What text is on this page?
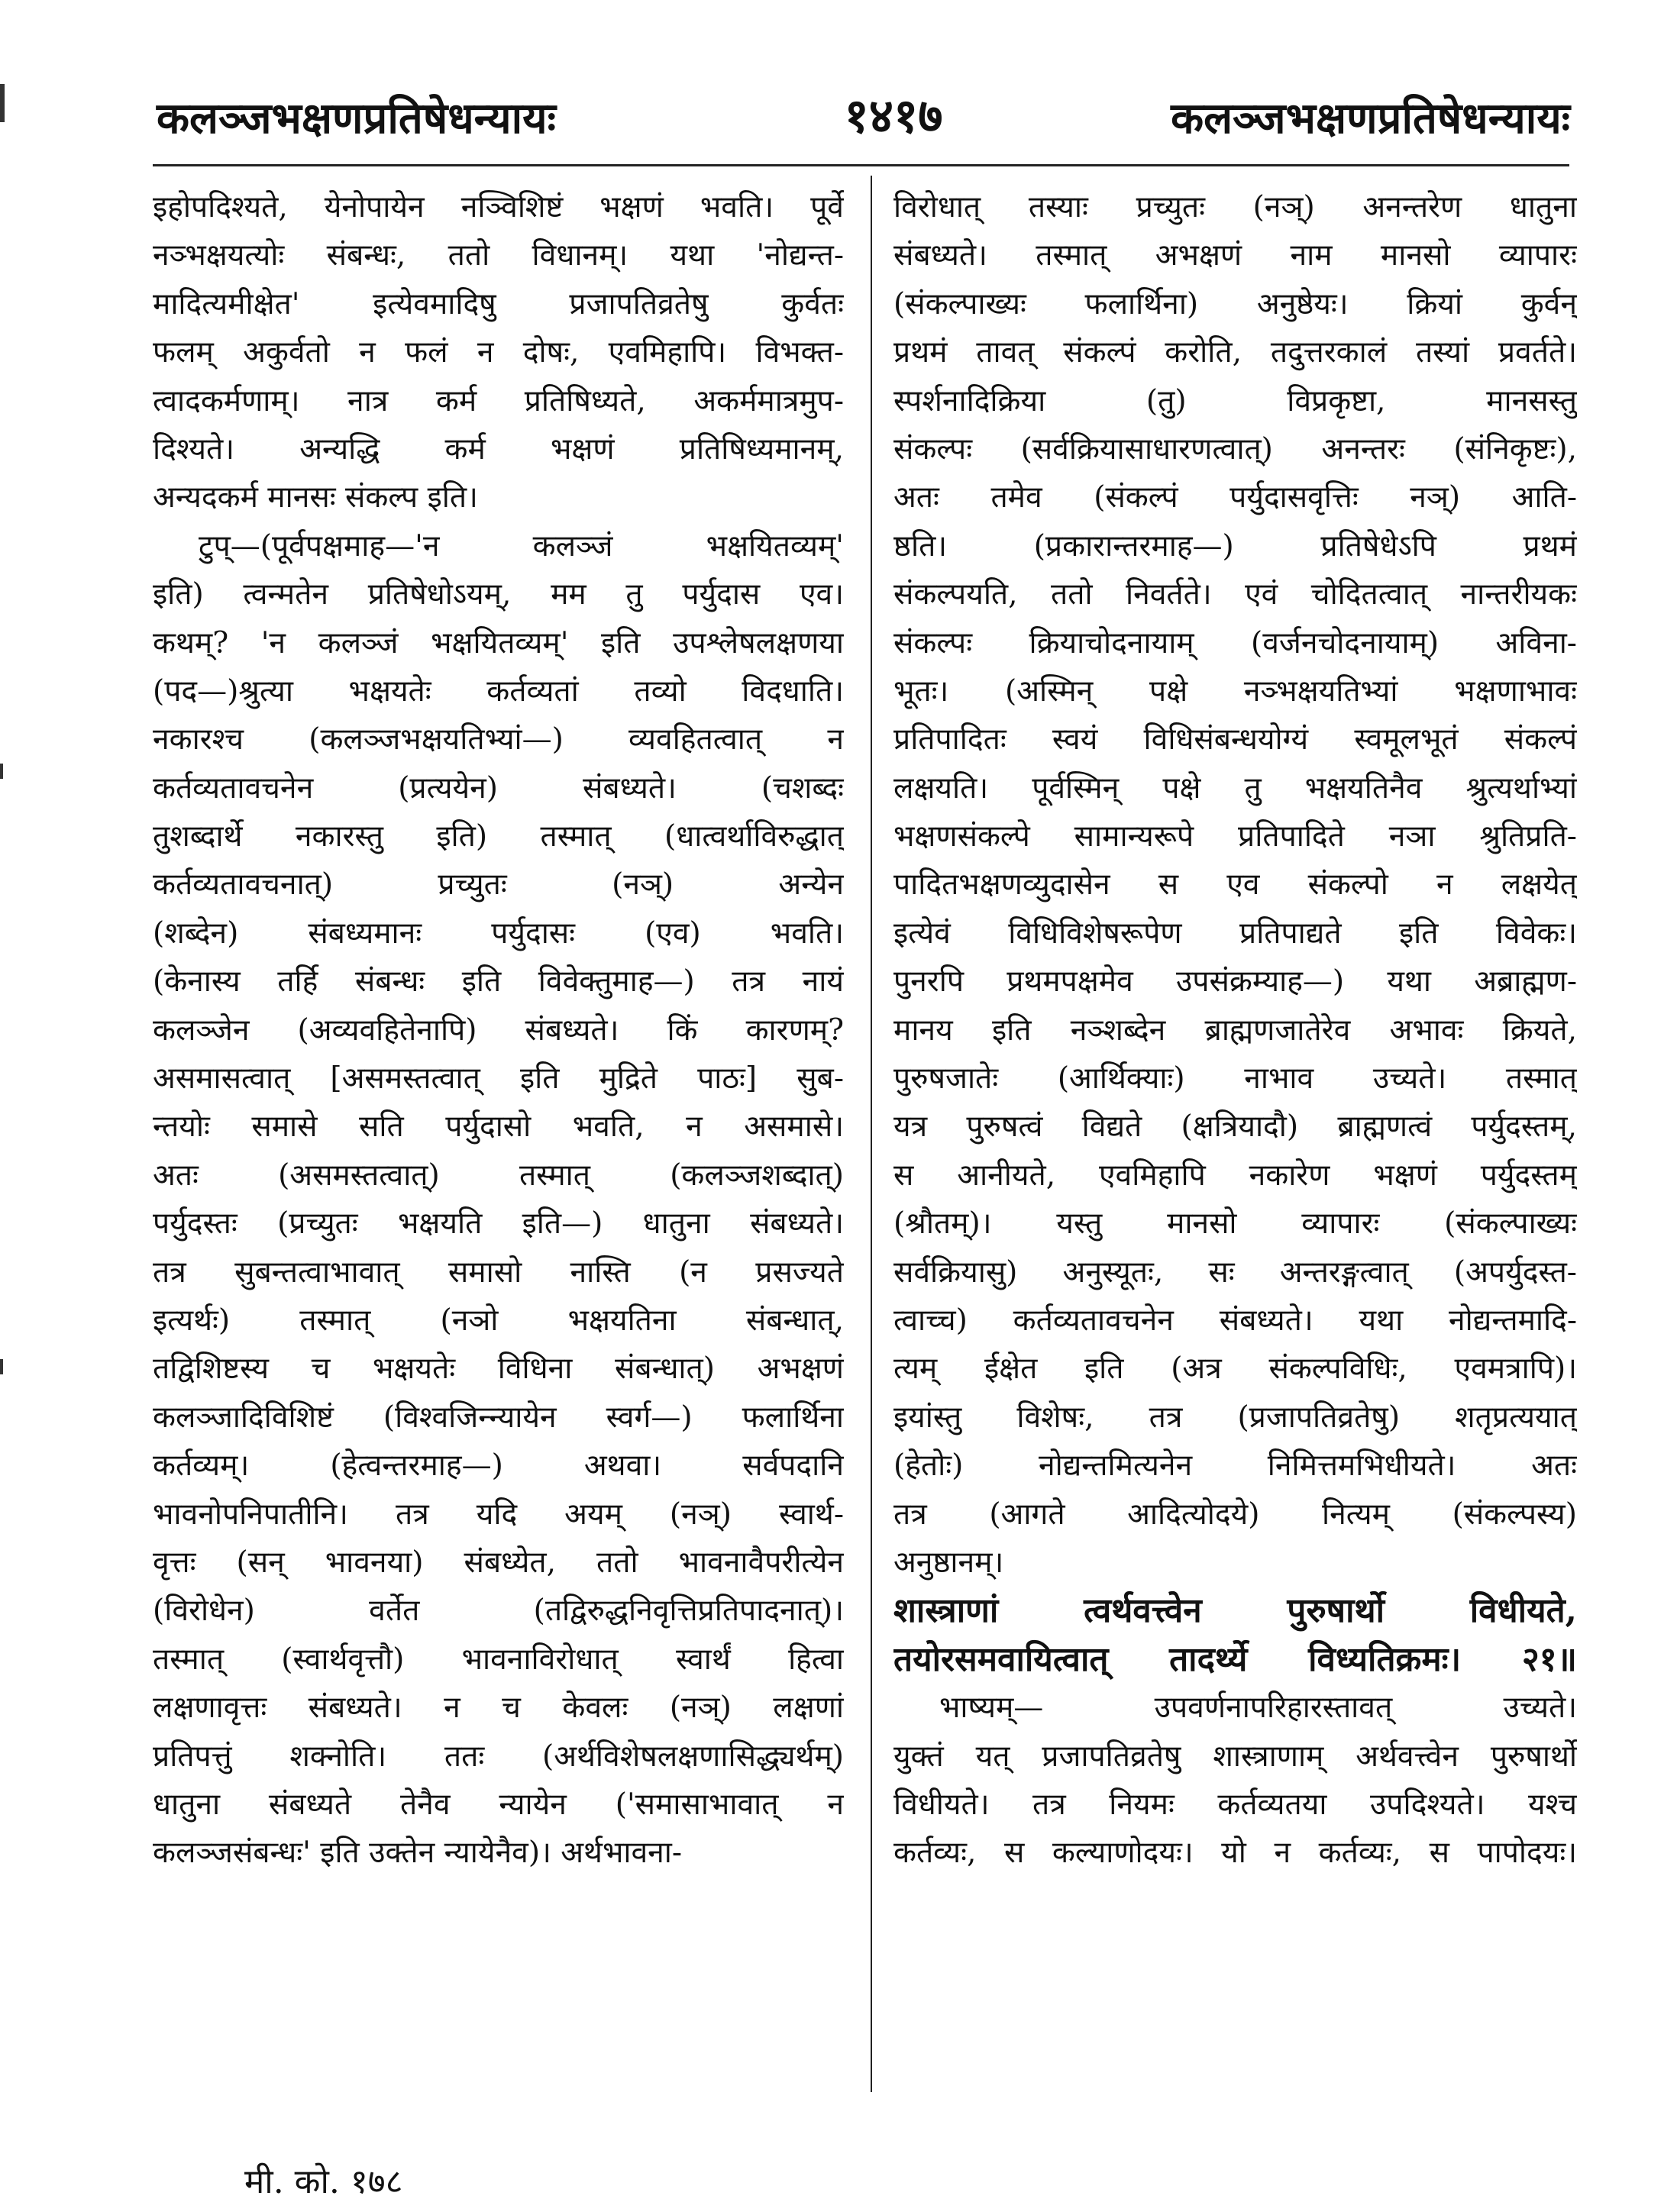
कलञ्जभक्षणप्रतिषेधन्यायः	१४१७	कलञ्जभक्षणप्रतिषेधन्यायः
इहोपदिश्यते, येनोपायेन नञ्विशिष्टं भक्षणं भवति। पूर्वे
नञ्भक्षयत्योः संबन्धः, ततो विधानम्। यथा 'नोद्यन्त-
मादित्यमीक्षेत' इत्येवमादिषु प्रजापतिव्रतेषु कुर्वतः
फलम् अकुर्वतो न फलं न दोषः, एवमिहापि। विभक्त-
त्वादकर्मणाम्। नात्र कर्म प्रतिषिध्यते, अकर्ममात्रमुप-
दिश्यते। अन्यद्धि कर्म भक्षणं प्रतिषिध्यमानम्,
अन्यदकर्म मानसः संकल्प इति।
टुप्—(पूर्वपक्षमाह—'न कलञ्जं भक्षयितव्यम्'
इति) त्वन्मतेन प्रतिषेधोऽयम्, मम तु पर्युदास एव।
कथम्? 'न कलञ्जं भक्षयितव्यम्' इति उपश्लेषलक्षणया
(पद—)श्रुत्या भक्षयतेः कर्तव्यतां तव्यो विदधाति।
नकारश्च (कलञ्जभक्षयतिभ्यां—) व्यवहितत्वात् न
कर्तव्यतावचनेन (प्रत्ययेन) संबध्यते। (चशब्दः
तुशब्दार्थे नकारस्तु इति) तस्मात् (धात्वर्थाविरुद्धात्
कर्तव्यतावचनात्) प्रच्युतः (नञ्) अन्येन
(शब्देन) संबध्यमानः पर्युदासः (एव) भवति।
(केनास्य तर्हि संबन्धः इति विवेक्तुमाह—) तत्र नायं
कलञ्जेन (अव्यवहितेनापि) संबध्यते। किं कारणम्?
असमासत्वात् [असमस्तत्वात् इति मुद्रिते पाठः] सुब-
न्तयोः समासे सति पर्युदासो भवति, न असमासे।
अतः (असमस्तत्वात्) तस्मात् (कलञ्जशब्दात्)
पर्युदस्तः (प्रच्युतः भक्षयति इति—) धातुना संबध्यते।
तत्र सुबन्तत्वाभावात् समासो नास्ति (न प्रसज्यते
इत्यर्थः) तस्मात् (नञो भक्षयतिना संबन्धात्,
तद्विशिष्टस्य च भक्षयतेः विधिना संबन्धात्) अभक्षणं
कलञ्जादिविशिष्टं (विश्वजिन्न्यायेन स्वर्ग—) फलार्थिना
कर्तव्यम्। (हेत्वन्तरमाह—) अथवा। सर्वपदानि
भावनोपनिपातीनि। तत्र यदि अयम् (नञ्) स्वार्थ-
वृत्तः (सन् भावनया) संबध्येत, ततो भावनावैपरीत्येन
(विरोधेन) वर्तेत (तद्विरुद्धनिवृत्तिप्रतिपादनात्)।
तस्मात् (स्वार्थवृत्तौ) भावनाविरोधात् स्वार्थं हित्वा
लक्षणावृत्तः संबध्यते। न च केवलः (नञ्) लक्षणां
प्रतिपत्तुं शक्नोति। ततः (अर्थविशेषलक्षणासिद्ध्यर्थम्)
धातुना संबध्यते तेनैव न्यायेन ('समासाभावात् न
कलञ्जसंबन्धः' इति उक्तेन न्यायेनैव)। अर्थभावना-
विरोधात् तस्याः प्रच्युतः (नञ्) अनन्तरेण धातुना
संबध्यते। तस्मात् अभक्षणं नाम मानसो व्यापारः
(संकल्पाख्यः फलार्थिना) अनुष्ठेयः। क्रियां कुर्वन्
प्रथमं तावत् संकल्पं करोति, तदुत्तरकालं तस्यां प्रवर्तते।
स्पर्शनादिक्रिया (तु) विप्रकृष्टा, मानसस्तु
संकल्पः (सर्वक्रियासाधारणत्वात्) अनन्तरः (संनिकृष्टः),
अतः तमेव (संकल्पं पर्युदासवृत्तिः नञ्) आति-
ष्ठति। (प्रकारान्तरमाह—) प्रतिषेधेऽपि प्रथमं
संकल्पयति, ततो निवर्तते। एवं चोदितत्वात् नान्तरीयकः
संकल्पः क्रियाचोदनायाम् (वर्जनचोदनायाम्) अविना-
भूतः। (अस्मिन् पक्षे नञ्भक्षयतिभ्यां भक्षणाभावः
प्रतिपादितः स्वयं विधिसंबन्धयोग्यं स्वमूलभूतं संकल्पं
लक्षयति। पूर्वस्मिन् पक्षे तु भक्षयतिनैव श्रुत्यर्थाभ्यां
भक्षणसंकल्पे सामान्यरूपे प्रतिपादिते नञा श्रुतिप्रति-
पादितभक्षणव्युदासेन स एव संकल्पो न लक्षयेत्
इत्येवं विधिविशेषरूपेण प्रतिपाद्यते इति विवेकः।
पुनरपि प्रथमपक्षमेव उपसंक्रम्याह—) यथा अब्राह्मण-
मानय इति नञ्शब्देन ब्राह्मणजातेरेव अभावः क्रियते,
पुरुषजातेः (आर्थिक्याः) नाभाव उच्यते। तस्मात्
यत्र पुरुषत्वं विद्यते (क्षत्रियादौ) ब्राह्मणत्वं पर्युदस्तम्,
स आनीयते, एवमिहापि नकारेण भक्षणं पर्युदस्तम्
(श्रौतम्)। यस्तु मानसो व्यापारः (संकल्पाख्यः
सर्वक्रियासु) अनुस्यूतः, सः अन्तरङ्गत्वात् (अपर्युदस्त-
त्वाच्च) कर्तव्यतावचनेन संबध्यते। यथा नोद्यन्तमादि-
त्यम् ईक्षेत इति (अत्र संकल्पविधिः, एवमत्रापि)।
इयांस्तु विशेषः, तत्र (प्रजापतिव्रतेषु) शतृप्रत्ययात्
(हेतोः) नोद्यन्तमित्यनेन निमित्तमभिधीयते। अतः
तत्र (आगते आदित्योदये) नित्यम् (संकल्पस्य)
अनुष्ठानम्।
शास्त्राणां त्वर्थवत्त्वेन पुरुषार्थो विधीयते,
तयोरसमवायित्वात् तादर्थ्ये विध्यतिक्रमः। २१॥
भाष्यम्— उपवर्णनापरिहारस्तावत् उच्यते।
युक्तं यत् प्रजापतिव्रतेषु शास्त्राणाम् अर्थवत्त्वेन पुरुषार्थो
विधीयते। तत्र नियमः कर्तव्यतया उपदिश्यते। यश्च
कर्तव्यः, स कल्याणोदयः। यो न कर्तव्यः, स पापोदयः।
मी. को. १७८
